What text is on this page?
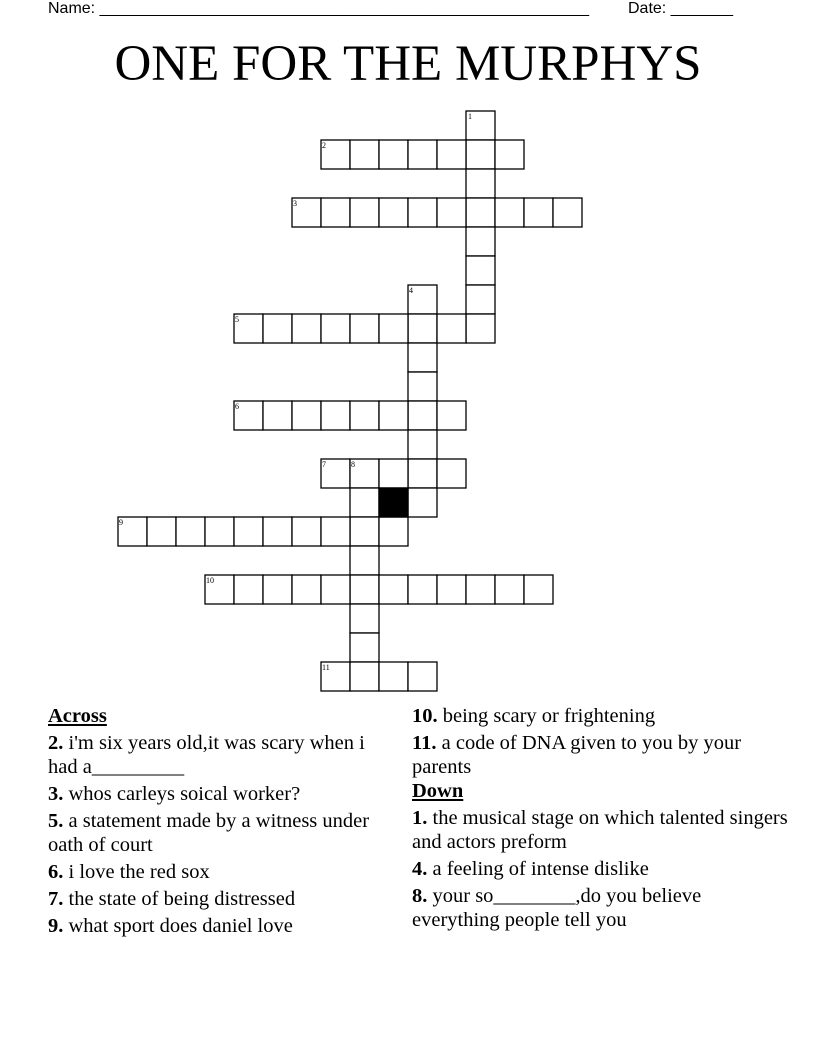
Name: _______________________________________________________ Date: _______
ONE FOR THE MURPHYS
1
2
3
4
5
6
7	8
9
10
11
Across
2. i'm six years old,it was scary when i had a_________
3. whos carleys soical worker?
5. a statement made by a witness under oath of court
6. i love the red sox
7. the state of being distressed
9. what sport does daniel love
10. being scary or frightening
11. a code of DNA given to you by your parents
Down
1. the musical stage on which talented singers and actors preform
4. a feeling of intense dislike
8. your so________,do you believe everything people tell you
